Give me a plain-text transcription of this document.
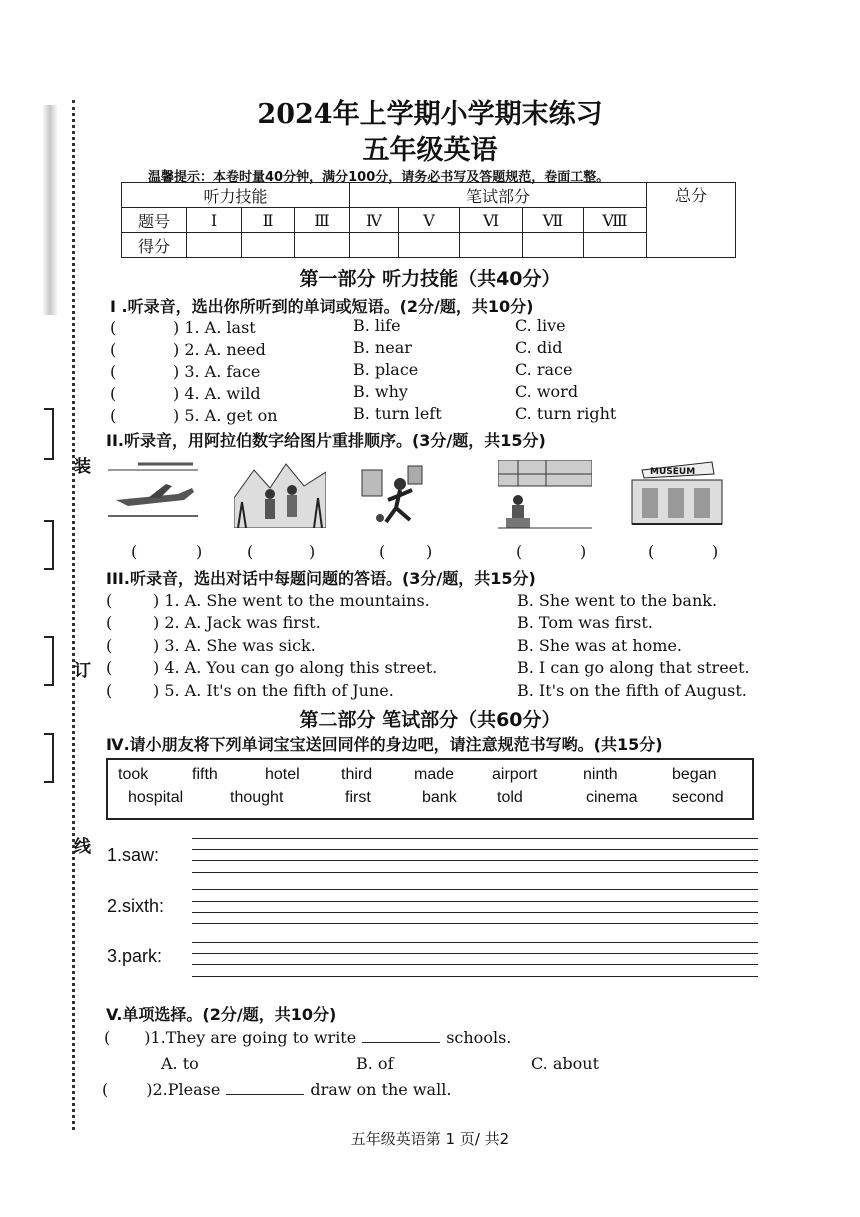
装
订
线
2024年上学期小学期末练习
五年级英语
温馨提示：本卷时量40分钟，满分100分，请务必书写及答题规范，卷面工整。
听力技能				笔试部分					总分
题号	I	Ⅱ	Ⅲ	Ⅳ	V	Ⅵ	Ⅶ	Ⅷ	
得分									
第一部分 听力技能（共40分）
I .听录音，选出你所听到的单词或短语。(2分/题，共10分)
(	) 1. A. last	B. life	C. live
(	) 2. A. need	B. near	C. did
(	) 3. A. face	B. place	C. race
(	) 4. A. wild	B. why	C. word
(	) 5. A. get on	B. turn left	C. turn right
II.听录音，用阿拉伯数字给图片重排顺序。(3分/题，共15分)
MUSEUM
(	)	(	)	(	)	(	)	(	)
III.听录音，选出对话中每题问题的答语。(3分/题，共15分)
(	) 1. A. She went to the mountains.	B. She went to the bank.
(	) 2. A. Jack was first.	B. Tom was first.
(	) 3. A. She was sick.	B. She was at home.
(	) 4. A. You can go along this street.	B. I can go along that street.
(	) 5. A. It's on the fifth of June.	B. It's on the fifth of August.
第二部分 笔试部分（共60分）
Ⅳ.请小朋友将下列单词宝宝送回同伴的身边吧，请注意规范书写哟。(共15分)
took	fifth	hotel	third	made airport	ninth	began
hospital	thought	first	bank	told	cinema second
1.saw:
2.sixth:
3.park:
V.单项选择。(2分/题，共10分)
( )1.They are going to write	schools.
A. to	B. of	C. about
( )2.Please	draw on the wall.
五年级英语第 1 页/ 共2
